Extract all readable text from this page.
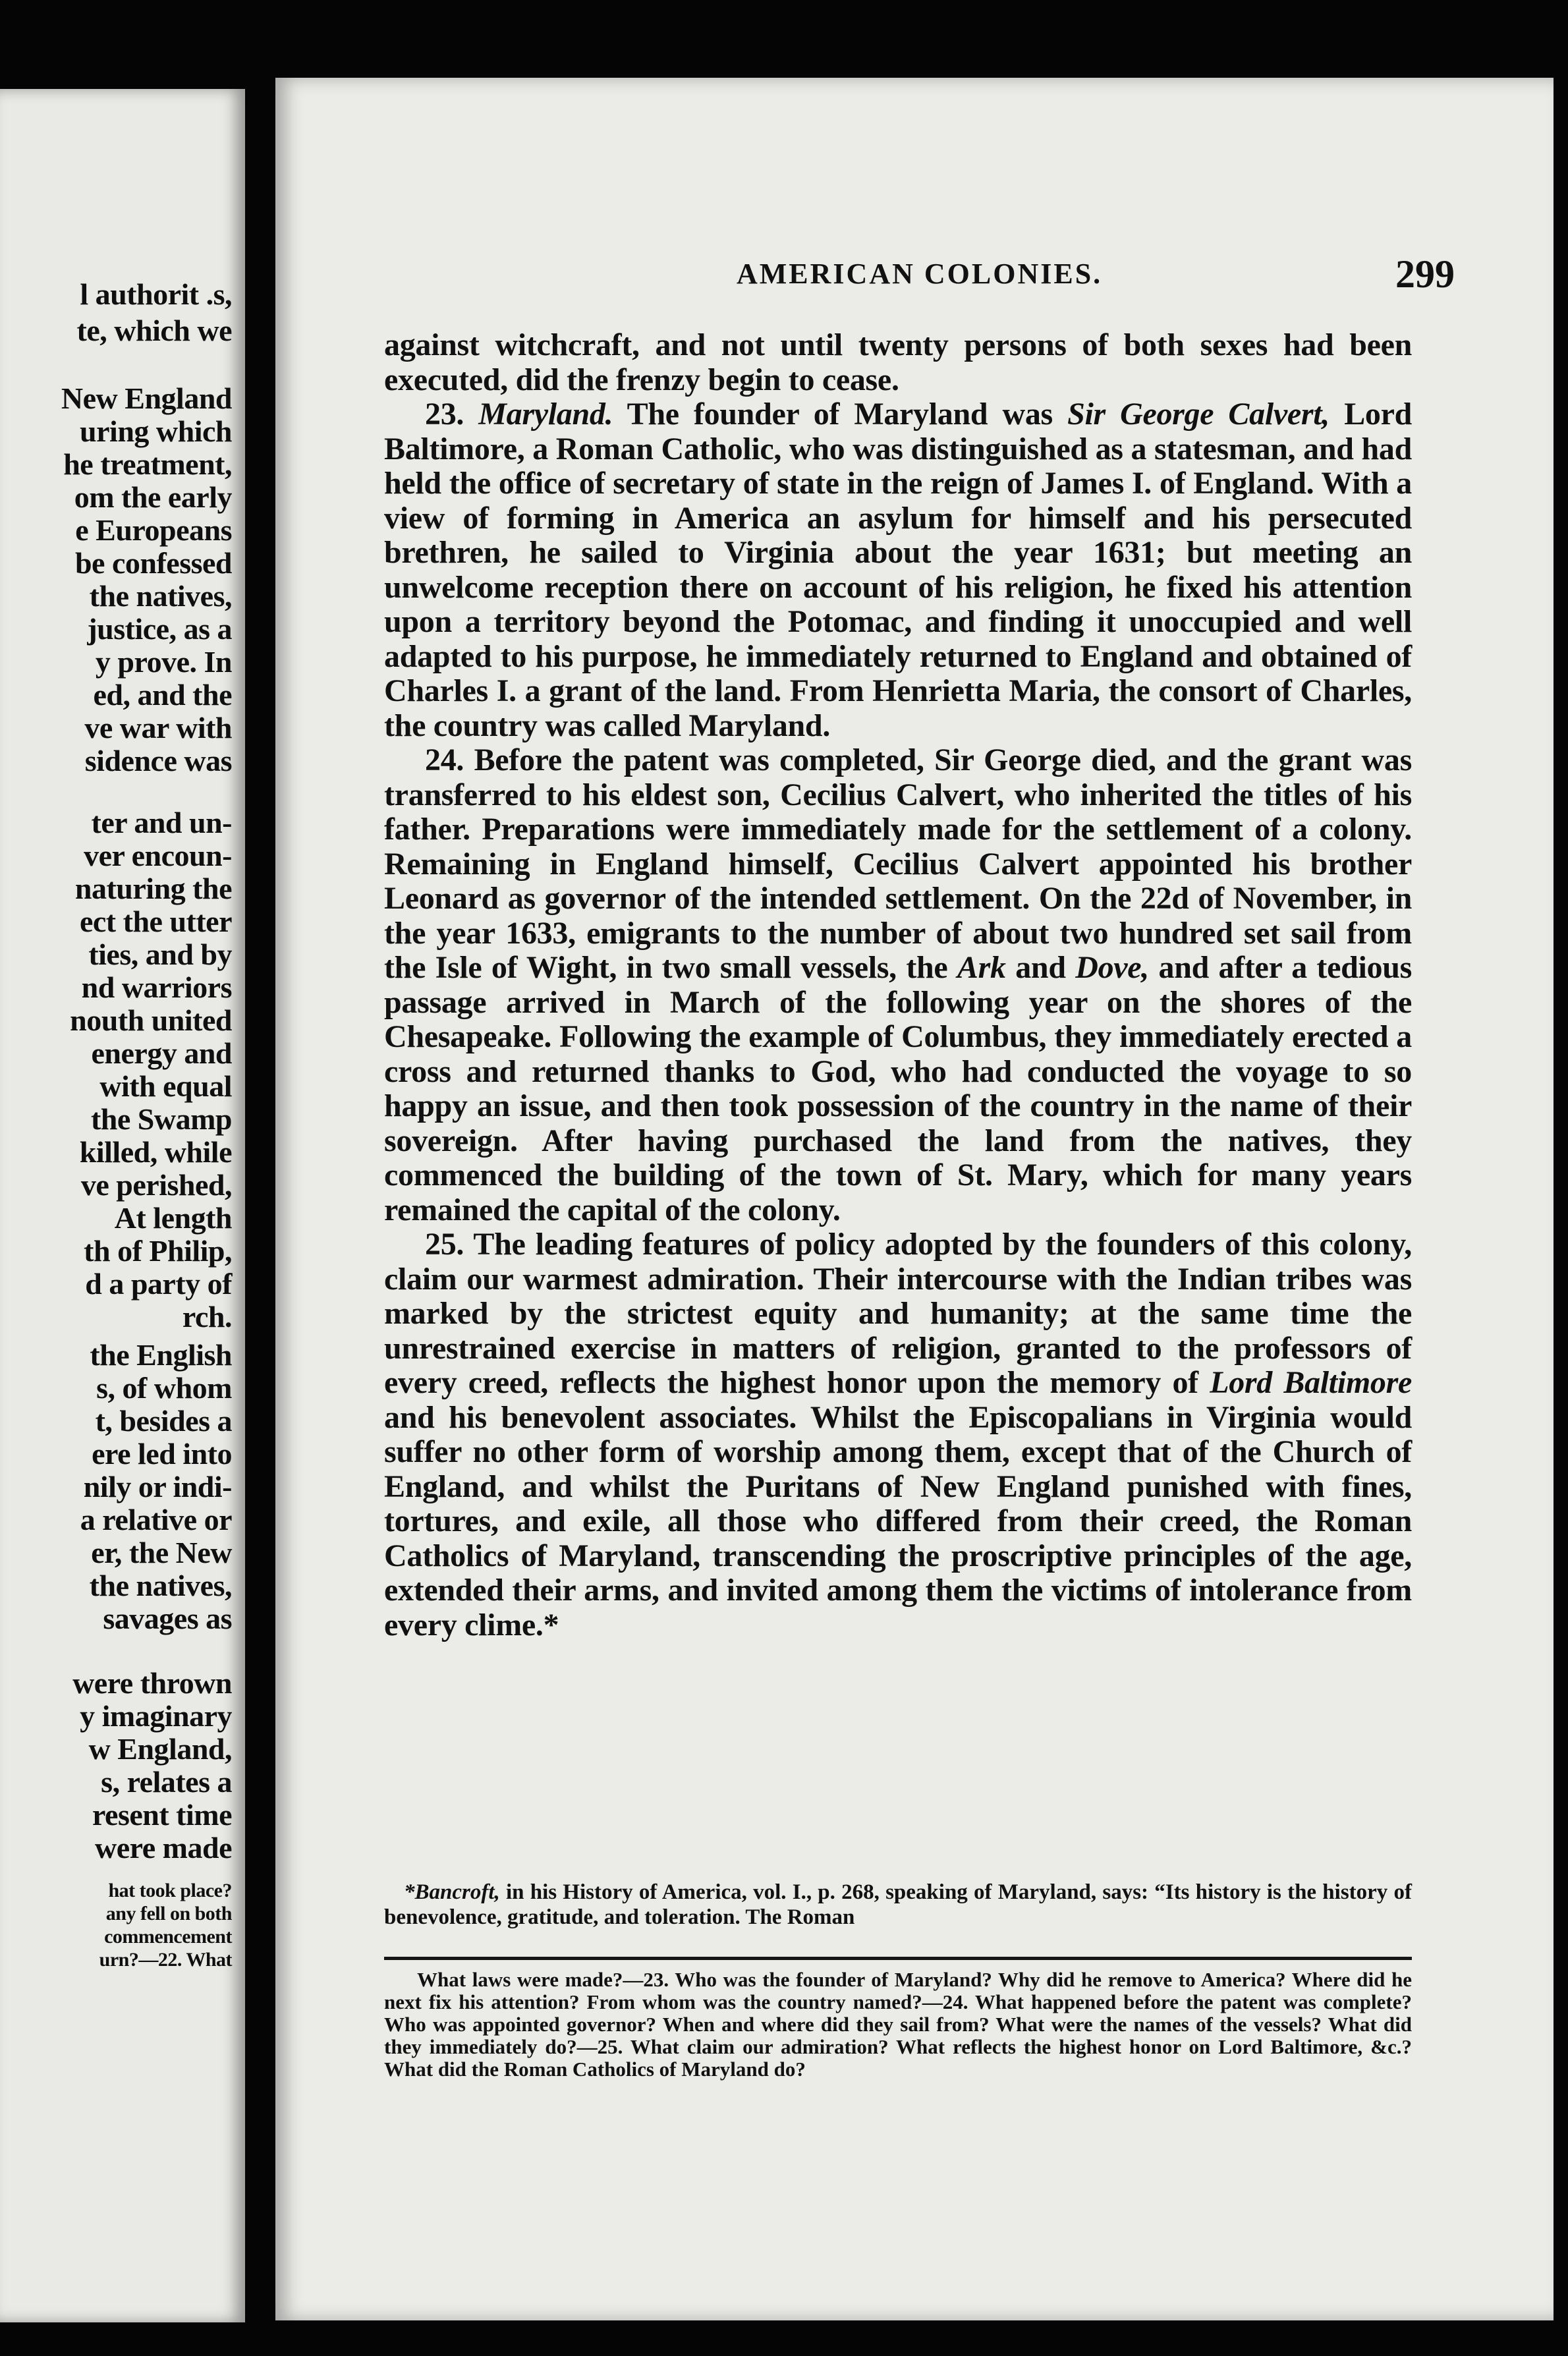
l authorit .s,
te, which we
New England
uring which
he treatment,
om the early
e Europeans
be confessed
the natives,
justice, as a
y prove. In
ed, and the
ve war with
sidence was
ter and un-
ver encoun-
naturing the
ect the utter
ties, and by
nd warriors
nouth united
energy and
with equal
the Swamp
killed, while
ve perished,
At length
th of Philip,
d a party of
rch.
the English
s, of whom
t, besides a
ere led into
nily or indi-
a relative or
er, the New
the natives,
savages as
were thrown
y imaginary
w England,
s, relates a
resent time
were made
hat took place?
any fell on both
commencement
urn?—22. What
AMERICAN COLONIES.	299

against witchcraft, and not until twenty persons of both sexes had been executed, did the frenzy begin to cease.

23. Maryland. The founder of Maryland was Sir George Calvert, Lord Baltimore, a Roman Catholic, who was distinguished as a statesman, and had held the office of secretary of state in the reign of James I. of England. With a view of forming in America an asylum for himself and his persecuted brethren, he sailed to Virginia about the year 1631; but meeting an unwelcome reception there on account of his religion, he fixed his attention upon a territory beyond the Potomac, and finding it unoccupied and well adapted to his purpose, he immediately returned to England and obtained of Charles I. a grant of the land. From Henrietta Maria, the consort of Charles, the country was called Maryland.

24. Before the patent was completed, Sir George died, and the grant was transferred to his eldest son, Cecilius Calvert, who inherited the titles of his father. Preparations were immediately made for the settlement of a colony. Remaining in England himself, Cecilius Calvert appointed his brother Leonard as governor of the intended settlement. On the 22d of November, in the year 1633, emigrants to the number of about two hundred set sail from the Isle of Wight, in two small vessels, the Ark and Dove, and after a tedious passage arrived in March of the following year on the shores of the Chesapeake. Following the example of Columbus, they immediately erected a cross and returned thanks to God, who had conducted the voyage to so happy an issue, and then took possession of the country in the name of their sovereign. After having purchased the land from the natives, they commenced the building of the town of St. Mary, which for many years remained the capital of the colony.

25. The leading features of policy adopted by the founders of this colony, claim our warmest admiration. Their intercourse with the Indian tribes was marked by the strictest equity and humanity; at the same time the unrestrained exercise in matters of religion, granted to the professors of every creed, reflects the highest honor upon the memory of Lord Baltimore and his benevolent associates. Whilst the Episcopalians in Virginia would suffer no other form of worship among them, except that of the Church of England, and whilst the Puritans of New England punished with fines, tortures, and exile, all those who differed from their creed, the Roman Catholics of Maryland, transcending the proscriptive principles of the age, extended their arms, and invited among them the victims of intolerance from every clime.*

*Bancroft, in his History of America, vol. I., p. 268, speaking of Maryland, says: “Its history is the history of benevolence, gratitude, and toleration. The Roman

What laws were made?—23. Who was the founder of Maryland? Why did he remove to America? Where did he next fix his attention? From whom was the country named?—24. What happened before the patent was complete? Who was appointed governor? When and where did they sail from? What were the names of the vessels? What did they immediately do?—25. What claim our admiration? What reflects the highest honor on Lord Baltimore, &c.? What did the Roman Catholics of Maryland do?
